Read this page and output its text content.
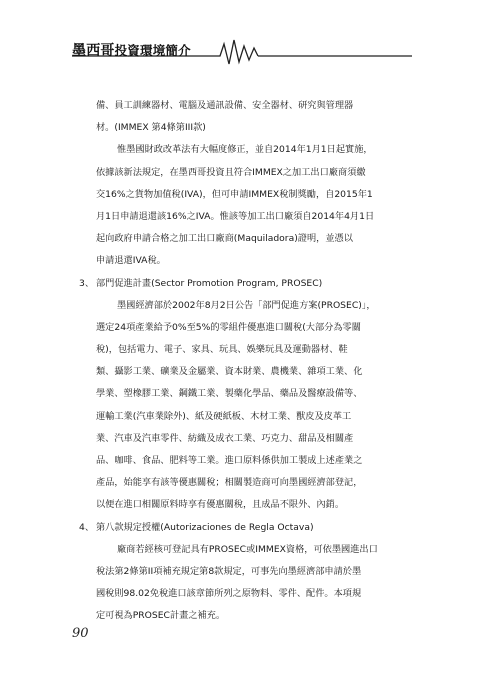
墨西哥投資環境簡介
備、員工訓練器材、電腦及通訊設備、安全器材、研究與管理器
材。(IMMEX 第4條第III款)
惟墨國財政改革法有大幅度修正，並自2014年1月1日起實施，
依據該新法規定，在墨西哥投資且符合IMMEX之加工出口廠商須繳
交16%之貨物加值稅(IVA)，但可申請IMMEX稅制獎勵，自2015年1
月1日申請退還該16%之IVA。惟該等加工出口廠須自2014年4月1日
起向政府申請合格之加工出口廠商(Maquiladora)證明，並憑以
申請退還IVA稅。
3、 部門促進計畫(Sector Promotion Program, PROSEC)
墨國經濟部於2002年8月2日公告「部門促進方案(PROSEC)」，
選定24項產業給予0%至5%的零組件優惠進口關稅(大部分為零關
稅)，包括電力、電子、家具、玩具、娛樂玩具及運動器材、鞋
類、攝影工業、礦業及金屬業、資本財業、農機業、雜項工業、化
學業、塑橡膠工業、鋼鐵工業、製藥化學品、藥品及醫療設備等、
運輸工業(汽車業除外)、紙及硬紙板、木材工業、獸皮及皮革工
業、汽車及汽車零件、紡織及成衣工業、巧克力、甜品及相關產
品、咖啡、食品、肥料等工業。進口原料係供加工製成上述產業之
產品，始能享有該等優惠關稅；相關製造商可向墨國經濟部登記，
以便在進口相關原料時享有優惠關稅，且成品不限外、內銷。
4、 第八款規定授權(Autorizaciones de Regla Octava)
廠商若經核可登記具有PROSEC或IMMEX資格，可依墨國進出口
稅法第2條第II項補充規定第8款規定，可事先向墨經濟部申請於墨
國稅則98.02免稅進口該章節所列之原物料、零件、配件。本項規
定可視為PROSEC計畫之補充。
90
